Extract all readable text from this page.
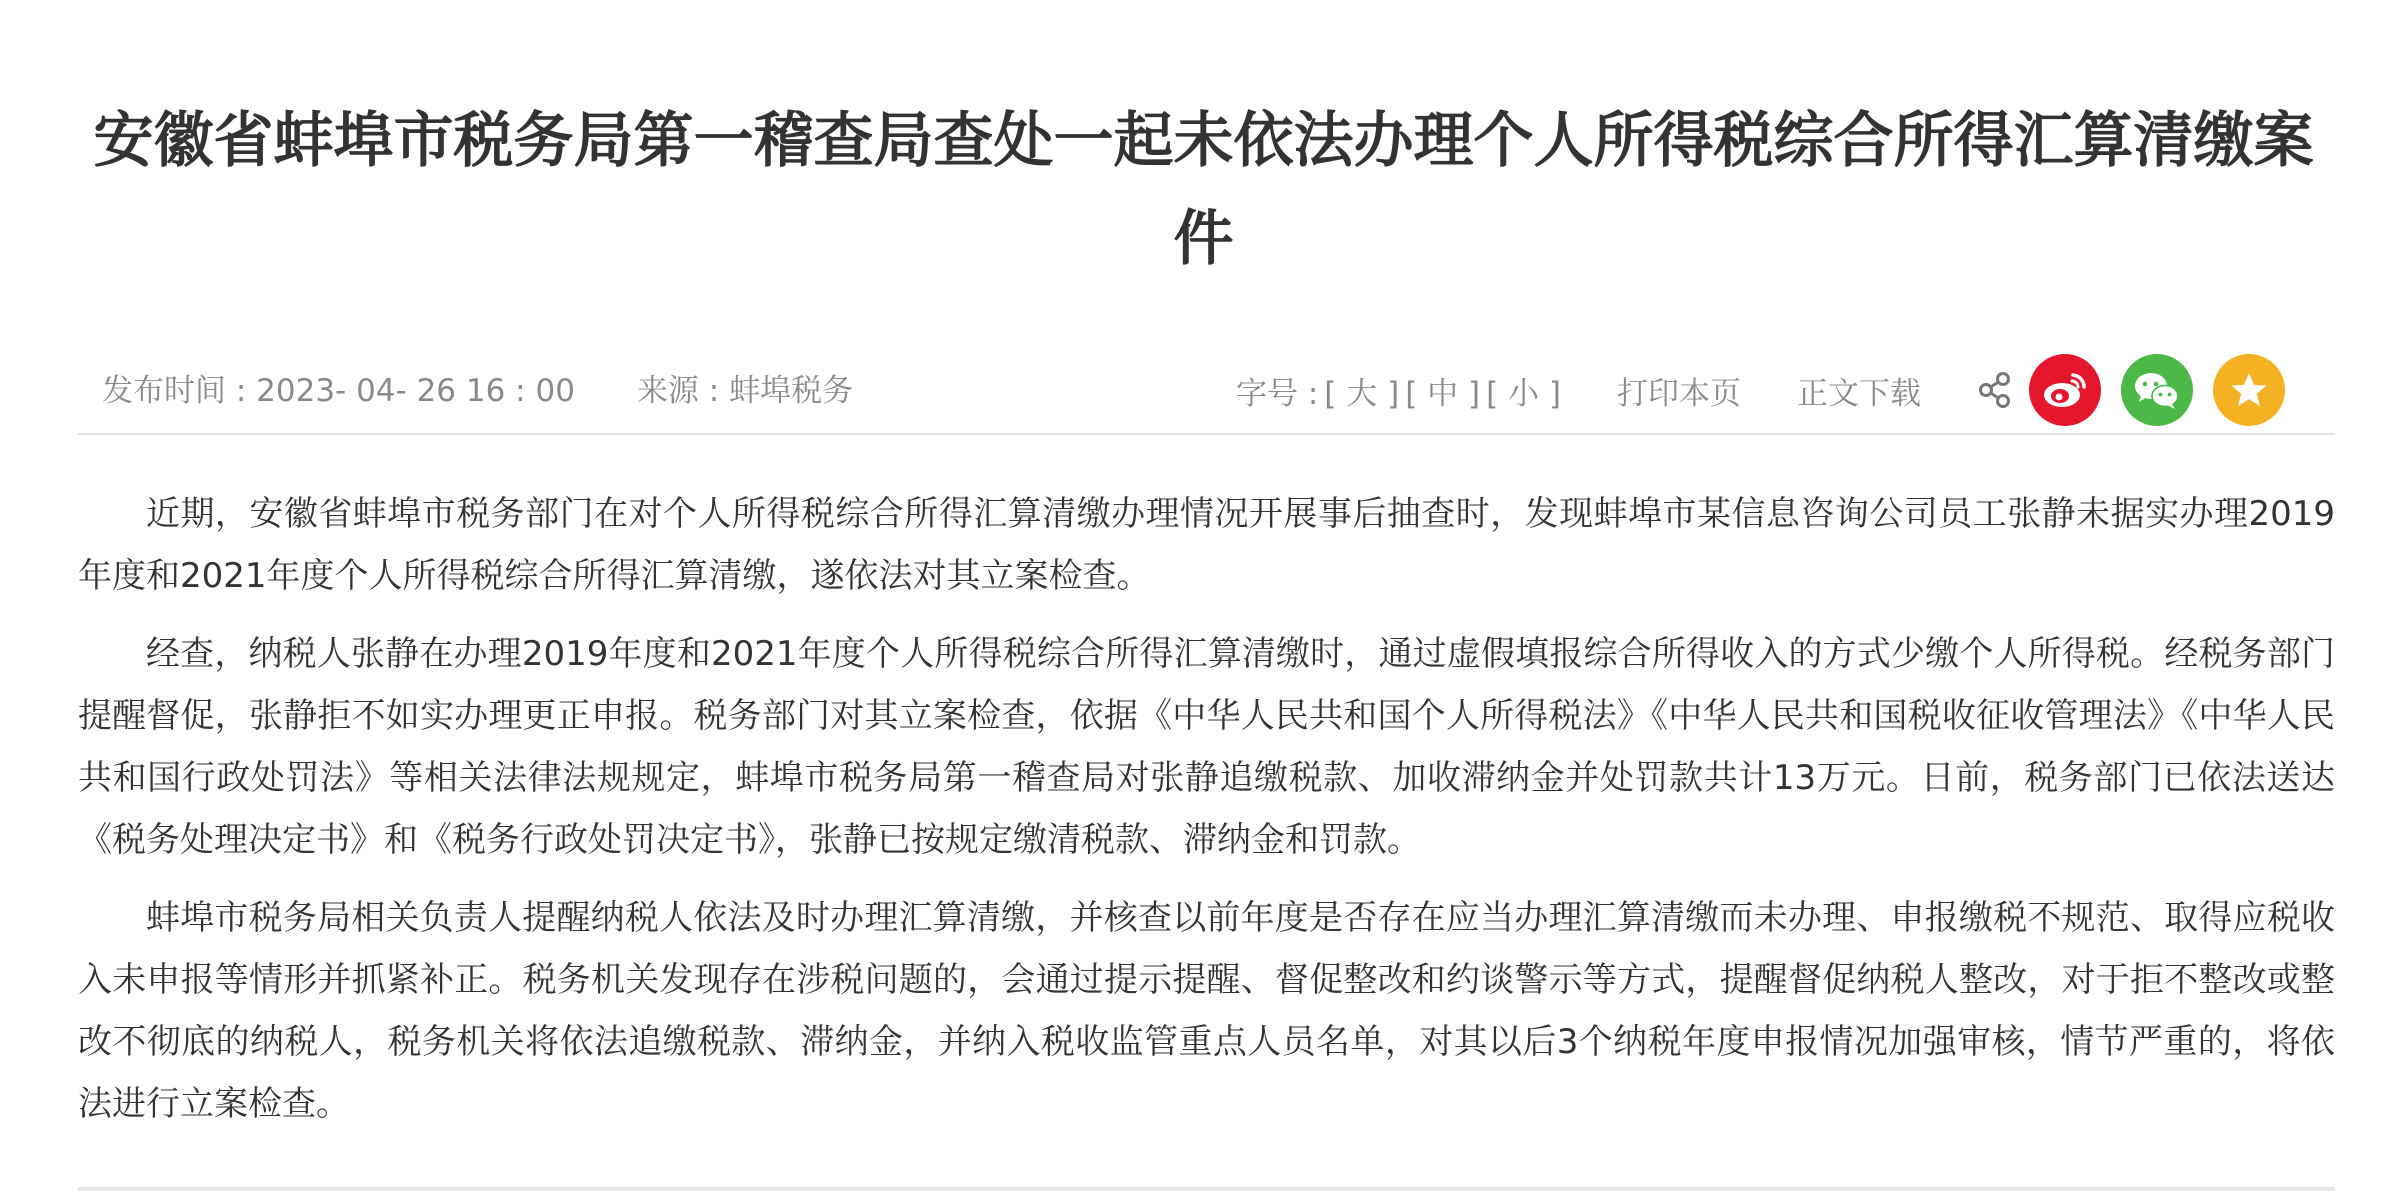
安徽省蚌埠市税务局第一稽查局查处一起未依法办理个人所得税综合所得汇算清缴案件
发布时间 : 2023- 04- 26 16 : 00 来源 : 蚌埠税务	字号 : [ 大 ] [ 中 ] [ 小 ] 打印本页 正文下载

近期，安徽省蚌埠市税务部门在对个人所得税综合所得汇算清缴办理情况开展事后抽查时，发现蚌埠市某信息咨询公司员工张静未据实办理2019年度和2021年度个人所得税综合所得汇算清缴，遂依法对其立案检查。

经查，纳税人张静在办理2019年度和2021年度个人所得税综合所得汇算清缴时，通过虚假填报综合所得收入的方式少缴个人所得税。经税务部门提醒督促，张静拒不如实办理更正申报。税务部门对其立案检查，依据《中华人民共和国个人所得税法》《中华人民共和国税收征收管理法》《中华人民共和国行政处罚法》等相关法律法规规定，蚌埠市税务局第一稽查局对张静追缴税款、加收滞纳金并处罚款共计13万元。日前，税务部门已依法送达《税务处理决定书》和《税务行政处罚决定书》，张静已按规定缴清税款、滞纳金和罚款。

蚌埠市税务局相关负责人提醒纳税人依法及时办理汇算清缴，并核查以前年度是否存在应当办理汇算清缴而未办理、申报缴税不规范、取得应税收入未申报等情形并抓紧补正。税务机关发现存在涉税问题的，会通过提示提醒、督促整改和约谈警示等方式，提醒督促纳税人整改，对于拒不整改或整改不彻底的纳税人，税务机关将依法追缴税款、滞纳金，并纳入税收监管重点人员名单，对其以后3个纳税年度申报情况加强审核，情节严重的，将依法进行立案检查。
